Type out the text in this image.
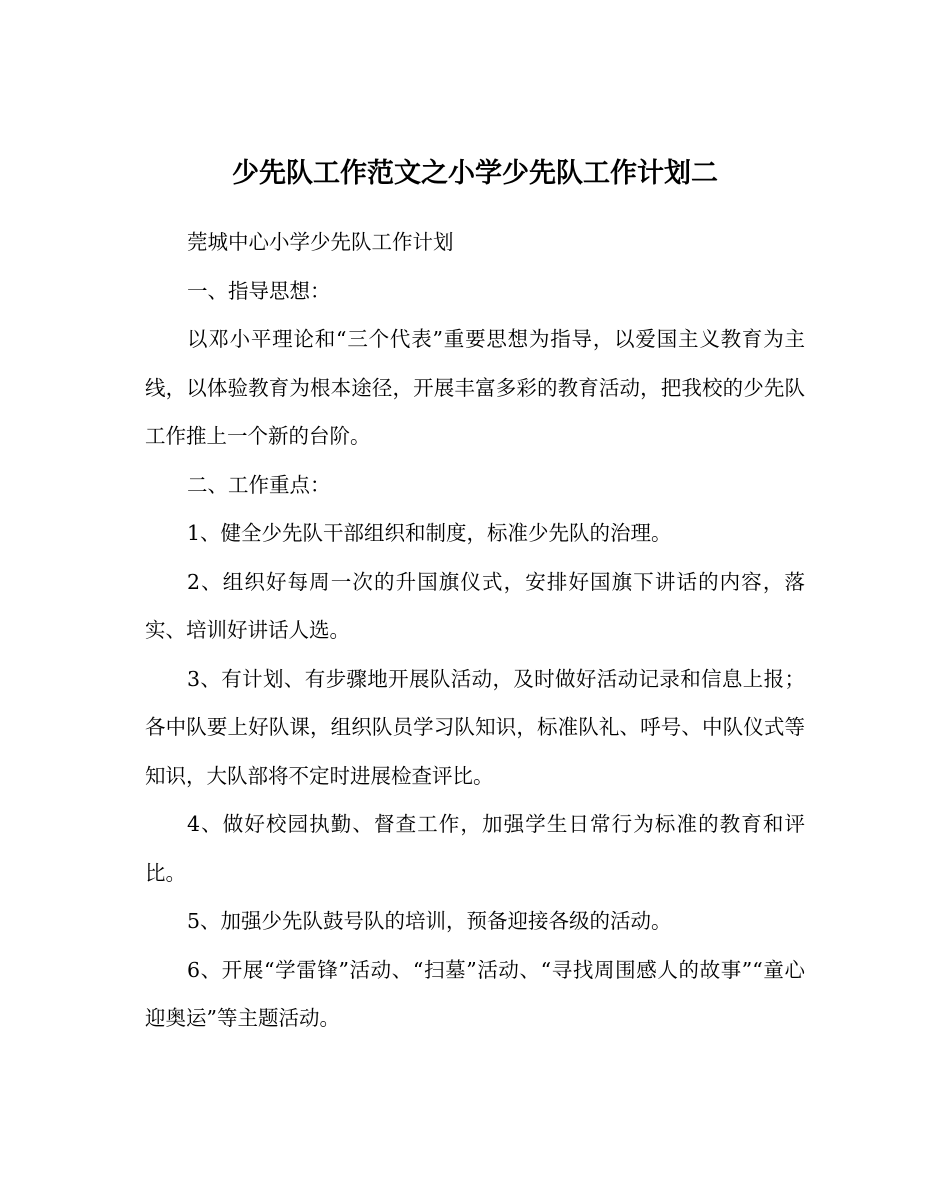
少先队工作范文之小学少先队工作计划二

莞城中心小学少先队工作计划

一、指导思想：

以邓小平理论和“三个代表”重要思想为指导，以爱国主义教育为主线，以体验教育为根本途径，开展丰富多彩的教育活动，把我校的少先队工作推上一个新的台阶。

二、工作重点：

1、健全少先队干部组织和制度，标准少先队的治理。

2、组织好每周一次的升国旗仪式，安排好国旗下讲话的内容，落实、培训好讲话人选。

3、有计划、有步骤地开展队活动，及时做好活动记录和信息上报；各中队要上好队课，组织队员学习队知识，标准队礼、呼号、中队仪式等知识，大队部将不定时进展检查评比。

4、做好校园执勤、督查工作，加强学生日常行为标准的教育和评比。

5、加强少先队鼓号队的培训，预备迎接各级的活动。

6、开展“学雷锋”活动、“扫墓”活动、“寻找周围感人的故事”“童心迎奥运”等主题活动。
